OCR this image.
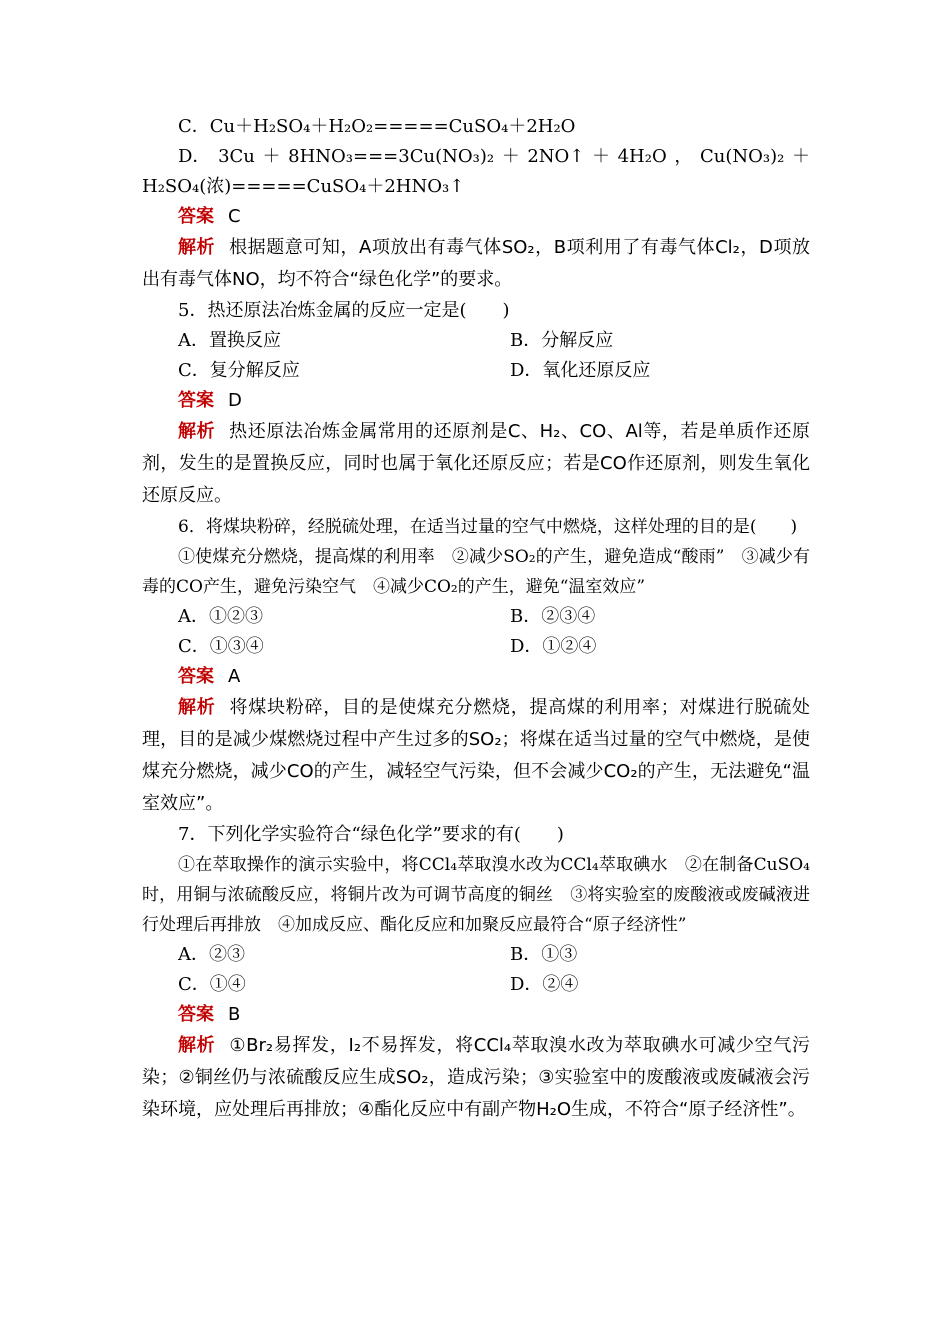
C．Cu＋H₂SO₄＋H₂O₂=====CuSO₄＋2H₂O
D． 3Cu ＋ 8HNO₃===3Cu(NO₃)₂ ＋ 2NO↑ ＋ 4H₂O ， Cu(NO₃)₂ ＋
H₂SO₄(浓)=====CuSO₄＋2HNO₃↑
答案 C

解析 根据题意可知，A项放出有毒气体SO₂，B项利用了有毒气体Cl₂，D项放出有毒气体NO，均不符合“绿色化学”的要求。

5．热还原法冶炼金属的反应一定是(　　)
A．置换反应	B．分解反应
C．复分解反应	D．氧化还原反应
答案 D

解析 热还原法冶炼金属常用的还原剂是C、H₂、CO、Al等，若是单质作还原剂，发生的是置换反应，同时也属于氧化还原反应；若是CO作还原剂，则发生氧化还原反应。

6．将煤块粉碎，经脱硫处理，在适当过量的空气中燃烧，这样处理的目的是(　　)

①使煤充分燃烧，提高煤的利用率　②减少SO₂的产生，避免造成“酸雨”　③减少有毒的CO产生，避免污染空气　④减少CO₂的产生，避免“温室效应”

A．①②③	B．②③④
C．①③④	D．①②④
答案 A

解析 将煤块粉碎，目的是使煤充分燃烧，提高煤的利用率；对煤进行脱硫处理，目的是减少煤燃烧过程中产生过多的SO₂；将煤在适当过量的空气中燃烧，是使煤充分燃烧，减少CO的产生，减轻空气污染，但不会减少CO₂的产生，无法避免“温室效应”。

7．下列化学实验符合“绿色化学”要求的有(　　)

①在萃取操作的演示实验中，将CCl₄萃取溴水改为CCl₄萃取碘水　②在制备CuSO₄时，用铜与浓硫酸反应，将铜片改为可调节高度的铜丝　③将实验室的废酸液或废碱液进行处理后再排放　④加成反应、酯化反应和加聚反应最符合“原子经济性”

A．②③	B．①③
C．①④	D．②④
答案 B

解析 ①Br₂易挥发，I₂不易挥发，将CCl₄萃取溴水改为萃取碘水可减少空气污染；②铜丝仍与浓硫酸反应生成SO₂，造成污染；③实验室中的废酸液或废碱液会污染环境，应处理后再排放；④酯化反应中有副产物H₂O生成，不符合“原子经济性”。
